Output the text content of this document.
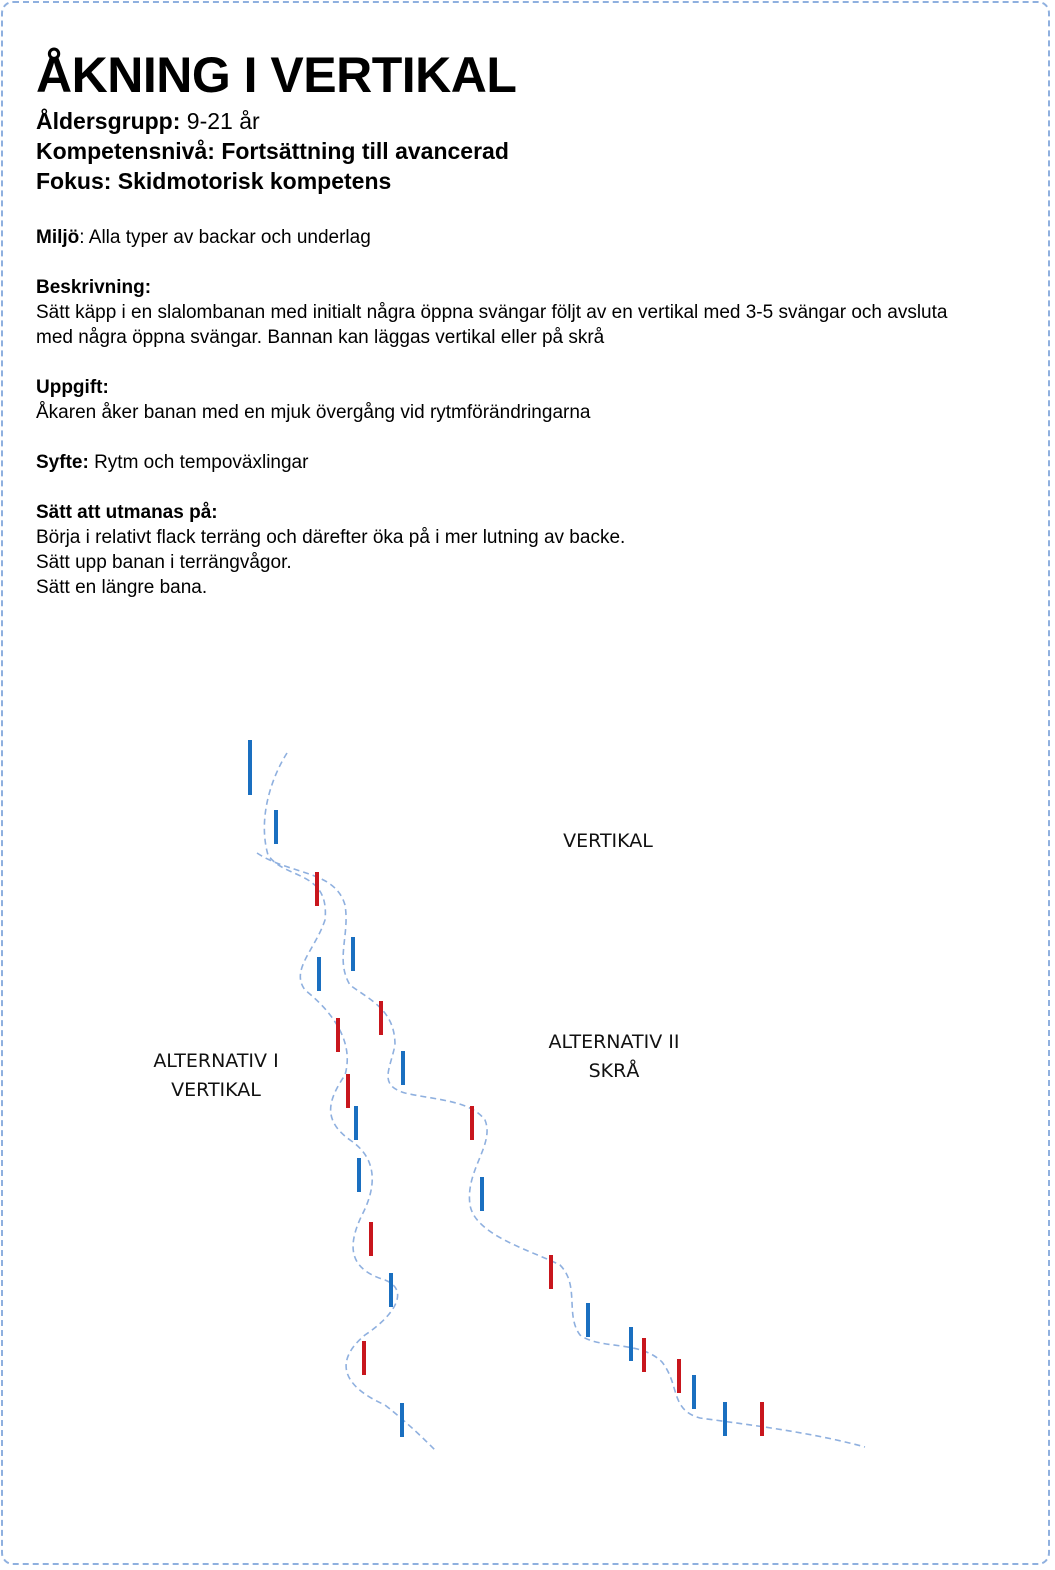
ÅKNING I VERTIKAL
Åldersgrupp: 9-21 år
Kompetensnivå: Fortsättning till avancerad
Fokus: Skidmotorisk kompetens
Miljö: Alla typer av backar och underlag
Beskrivning:
Sätt käpp i en slalombanan med initialt några öppna svängar följt av en vertikal med 3-5 svängar och avsluta
med några öppna svängar. Bannan kan läggas vertikal eller på skrå
Uppgift:
Åkaren åker banan med en mjuk övergång vid rytmförändringarna
Syfte: Rytm och tempoväxlingar
Sätt att utmanas på:
Börja i relativt flack terräng och därefter öka på i mer lutning av backe.
Sätt upp banan i terrängvågor.
Sätt en längre bana.
VERTIKAL
ALTERNATIV I
VERTIKAL
ALTERNATIV II
SKRÅ
